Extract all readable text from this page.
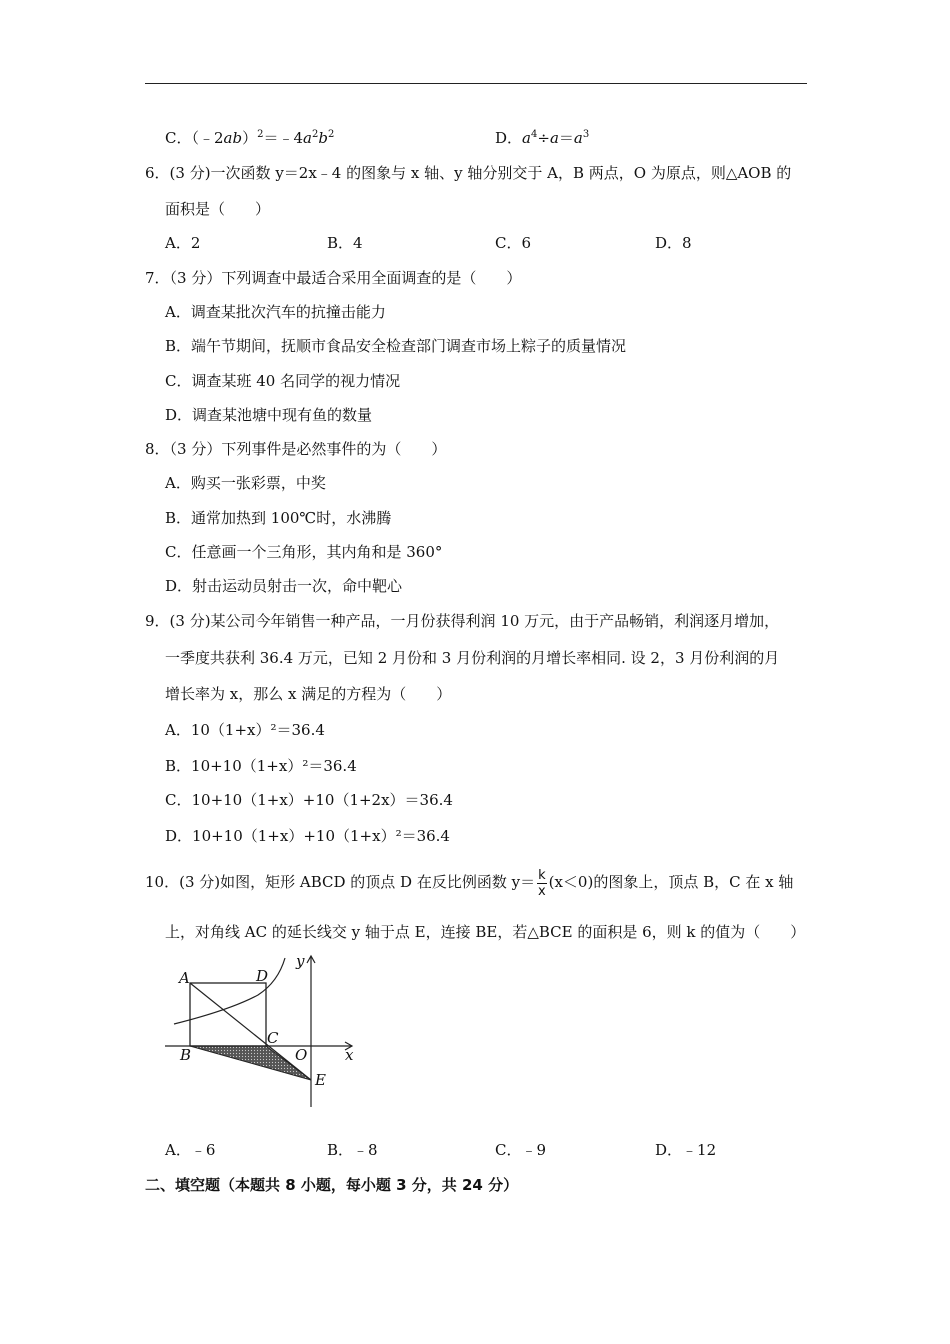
C．$(﹣2ab)^2=﹣4a^2b^2$	D．$a^4\div a=a^3$
6．(3 分)一次函数 y＝2x﹣4 的图象与 x 轴、y 轴分别交于 A，B 两点，O 为原点，则△AOB 的
面积是（　　）
A．2	B．4	C．6	D．8
7．（3 分）下列调查中最适合采用全面调查的是（　　）
A．调查某批次汽车的抗撞击能力
B．端午节期间，抚顺市食品安全检查部门调查市场上粽子的质量情况
C．调查某班 40 名同学的视力情况
D．调查某池塘中现有鱼的数量
8．（3 分）下列事件是必然事件的为（　　）
A．购买一张彩票，中奖
B．通常加热到 100℃时，水沸腾
C．任意画一个三角形，其内角和是 360°
D．射击运动员射击一次，命中靶心
9．(3 分)某公司今年销售一种产品，一月份获得利润 10 万元，由于产品畅销，利润逐月增加，
一季度共获利 36.4 万元，已知 2 月份和 3 月份利润的月增长率相同. 设 2，3 月份利润的月
增长率为 x，那么 x 满足的方程为（　　）
A．10（1+x）²＝36.4
B．10+10（1+x）²＝36.4
C．10+10（1+x）+10（1+2x）＝36.4
D．10+10（1+x）+10（1+x）²＝36.4
10．(3 分)如图，矩形 ABCD 的顶点 D 在反比例函数 $y= \frac{k}{x} (x<0)$的图象上，顶点 B，C 在 x 轴
上，对角线 AC 的延长线交 y 轴于点 E，连接 BE，若△BCE 的面积是 6，则 k 的值为（　　）
A	D
C
B	O
E
x
y
A．﹣6	B．﹣8	C．﹣9	D．﹣12
二、填空题（本题共 8 小题，每小题 3 分，共 24 分）
